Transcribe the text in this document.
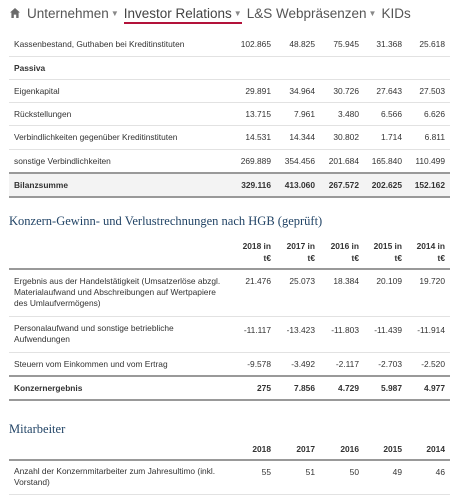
Unternehmen ▼ Investor Relations ▼ L&S Webpräsenzen ▼ KIDs
Kassenbestand, Guthaben bei Kreditinstituten	102.865	48.825	75.945	31.368	25.618
Passiva					
Eigenkapital	29.891	34.964	30.726	27.643	27.503
Rückstellungen	13.715	7.961	3.480	6.566	6.626
Verbindlichkeiten gegenüber Kreditinstituten	14.531	14.344	30.802	1.714	6.811
sonstige Verbindlichkeiten	269.889	354.456	201.684	165.840	110.499
Bilanzsumme	329.116	413.060	267.572	202.625	152.162
Konzern-Gewinn- und Verlustrechnungen nach HGB (geprüft)
	2018 in t€	2017 in t€	2016 in t€	2015 in t€	2014 in t€
Ergebnis aus der Handelstätigkeit (Umsatzerlöse abzgl. Materialaufwand und Abschreibungen auf Wertpapiere des Umlaufvermögens)	21.476	25.073	18.384	20.109	19.720
Personalaufwand und sonstige betriebliche Aufwendungen	-11.117	-13.423	-11.803	-11.439	-11.914
Steuern vom Einkommen und vom Ertrag	-9.578	-3.492	-2.117	-2.703	-2.520
Konzernergebnis	275	7.856	4.729	5.987	4.977
Mitarbeiter
	2018	2017	2016	2015	2014
Anzahl der Konzernmitarbeiter zum Jahresultimo (inkl. Vorstand)	55	51	50	49	46
